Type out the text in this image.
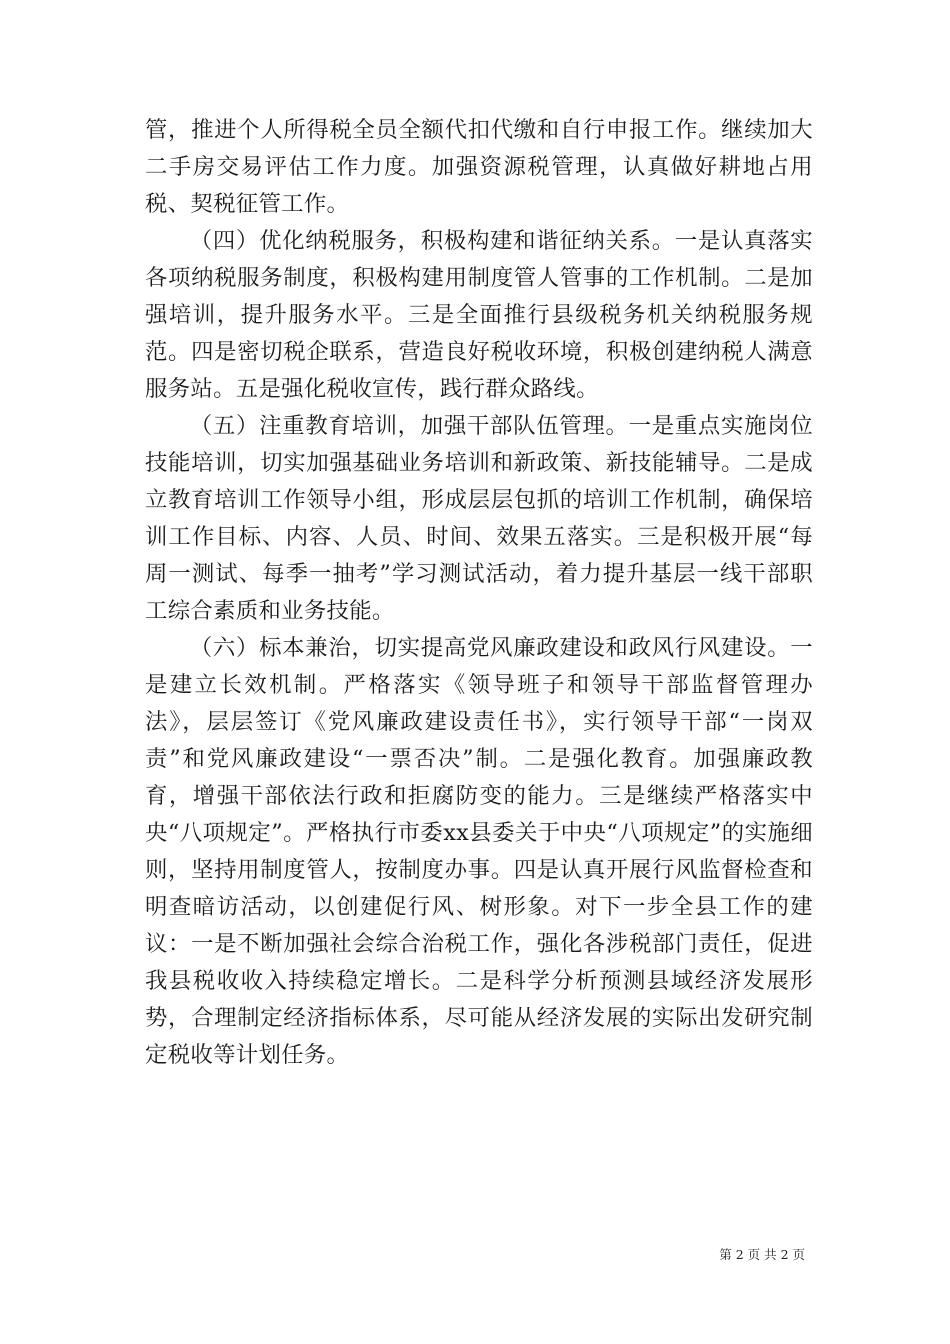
管，推进个人所得税全员全额代扣代缴和自行申报工作。继续加大二手房交易评估工作力度。加强资源税管理，认真做好耕地占用税、契税征管工作。

（四）优化纳税服务，积极构建和谐征纳关系。一是认真落实各项纳税服务制度，积极构建用制度管人管事的工作机制。二是加强培训，提升服务水平。三是全面推行县级税务机关纳税服务规范。四是密切税企联系，营造良好税收环境，积极创建纳税人满意服务站。五是强化税收宣传，践行群众路线。

（五）注重教育培训，加强干部队伍管理。一是重点实施岗位技能培训，切实加强基础业务培训和新政策、新技能辅导。二是成立教育培训工作领导小组，形成层层包抓的培训工作机制，确保培训工作目标、内容、人员、时间、效果五落实。三是积极开展“每周一测试、每季一抽考”学习测试活动，着力提升基层一线干部职工综合素质和业务技能。

（六）标本兼治，切实提高党风廉政建设和政风行风建设。一是建立长效机制。严格落实《领导班子和领导干部监督管理办法》，层层签订《党风廉政建设责任书》，实行领导干部“一岗双责”和党风廉政建设“一票否决”制。二是强化教育。加强廉政教育，增强干部依法行政和拒腐防变的能力。三是继续严格落实中央“八项规定”。严格执行市委xx县委关于中央“八项规定”的实施细则，坚持用制度管人，按制度办事。四是认真开展行风监督检查和明查暗访活动，以创建促行风、树形象。对下一步全县工作的建议：一是不断加强社会综合治税工作，强化各涉税部门责任，促进我县税收收入持续稳定增长。二是科学分析预测县域经济发展形势，合理制定经济指标体系，尽可能从经济发展的实际出发研究制定税收等计划任务。

第 2 页 共 2 页
